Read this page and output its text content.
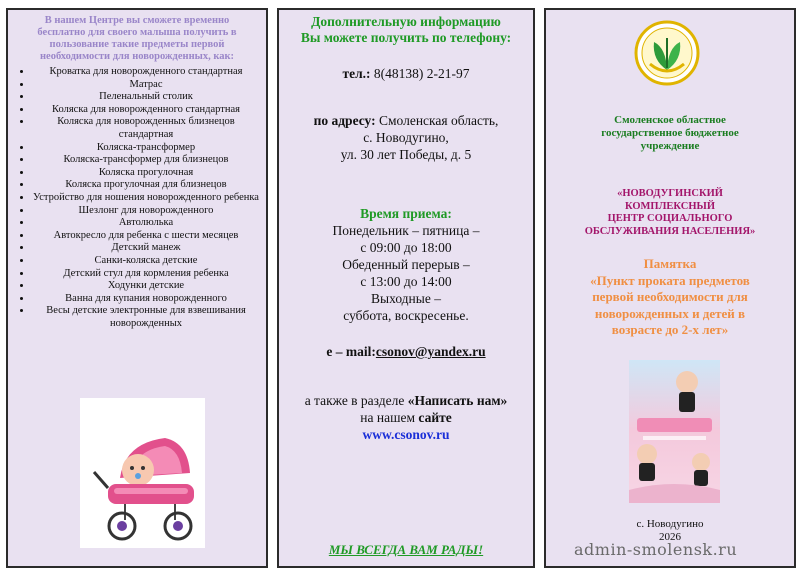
В нашем Центре вы сможете временно бесплатно для своего малыша получить в пользование такие предметы первой необходимости для новорожденных, как:
• Кроватка для новорожденного стандартная
• Матрас
• Пеленальный столик
• Коляска для новорожденного стандартная
• Коляска для новорожденных близнецов стандартная
• Коляска-трансформер
• Коляска-трансформер для близнецов
• Коляска прогулочная
• Коляска прогулочная для близнецов
• Устройство для ношения новорожденного ребенка
• Шезлонг для новорожденного
• Автолюлька
• Автокресло для ребенка с шести месяцев
• Детский манеж
• Санки-коляска детские
• Детский стул для кормления ребенка
• Ходунки детские
• Ванна для купания новорожденного
• Весы детские электронные для взвешивания новорожденных
Дополнительную информацию
Вы можете получить по телефону:
тел.: 8(48138) 2-21-97
по адресу: Смоленская область,
с. Новодугино,
ул. 30 лет Победы, д. 5
Время приема:
Понедельник – пятница –
с 09:00 до 18:00
Обеденный перерыв –
с 13:00 до 14:00
Выходные –
суббота, воскресенье.
e – mail:csonov@yandex.ru
а также в разделе «Написать нам»
на нашем сайте
www.csonov.ru
МЫ ВСЕГДА ВАМ РАДЫ!
Смоленское областное
государственное бюджетное
учреждение
«НОВОДУГИНСКИЙ
КОМПЛЕКСНЫЙ
ЦЕНТР СОЦИАЛЬНОГО
ОБСЛУЖИВАНИЯ НАСЕЛЕНИЯ»
Памятка
«Пункт проката предметов
первой необходимости для
новорожденных и детей в
возрасте до 2-х лет»
с. Новодугино
2026
admin-smolensk.ru
